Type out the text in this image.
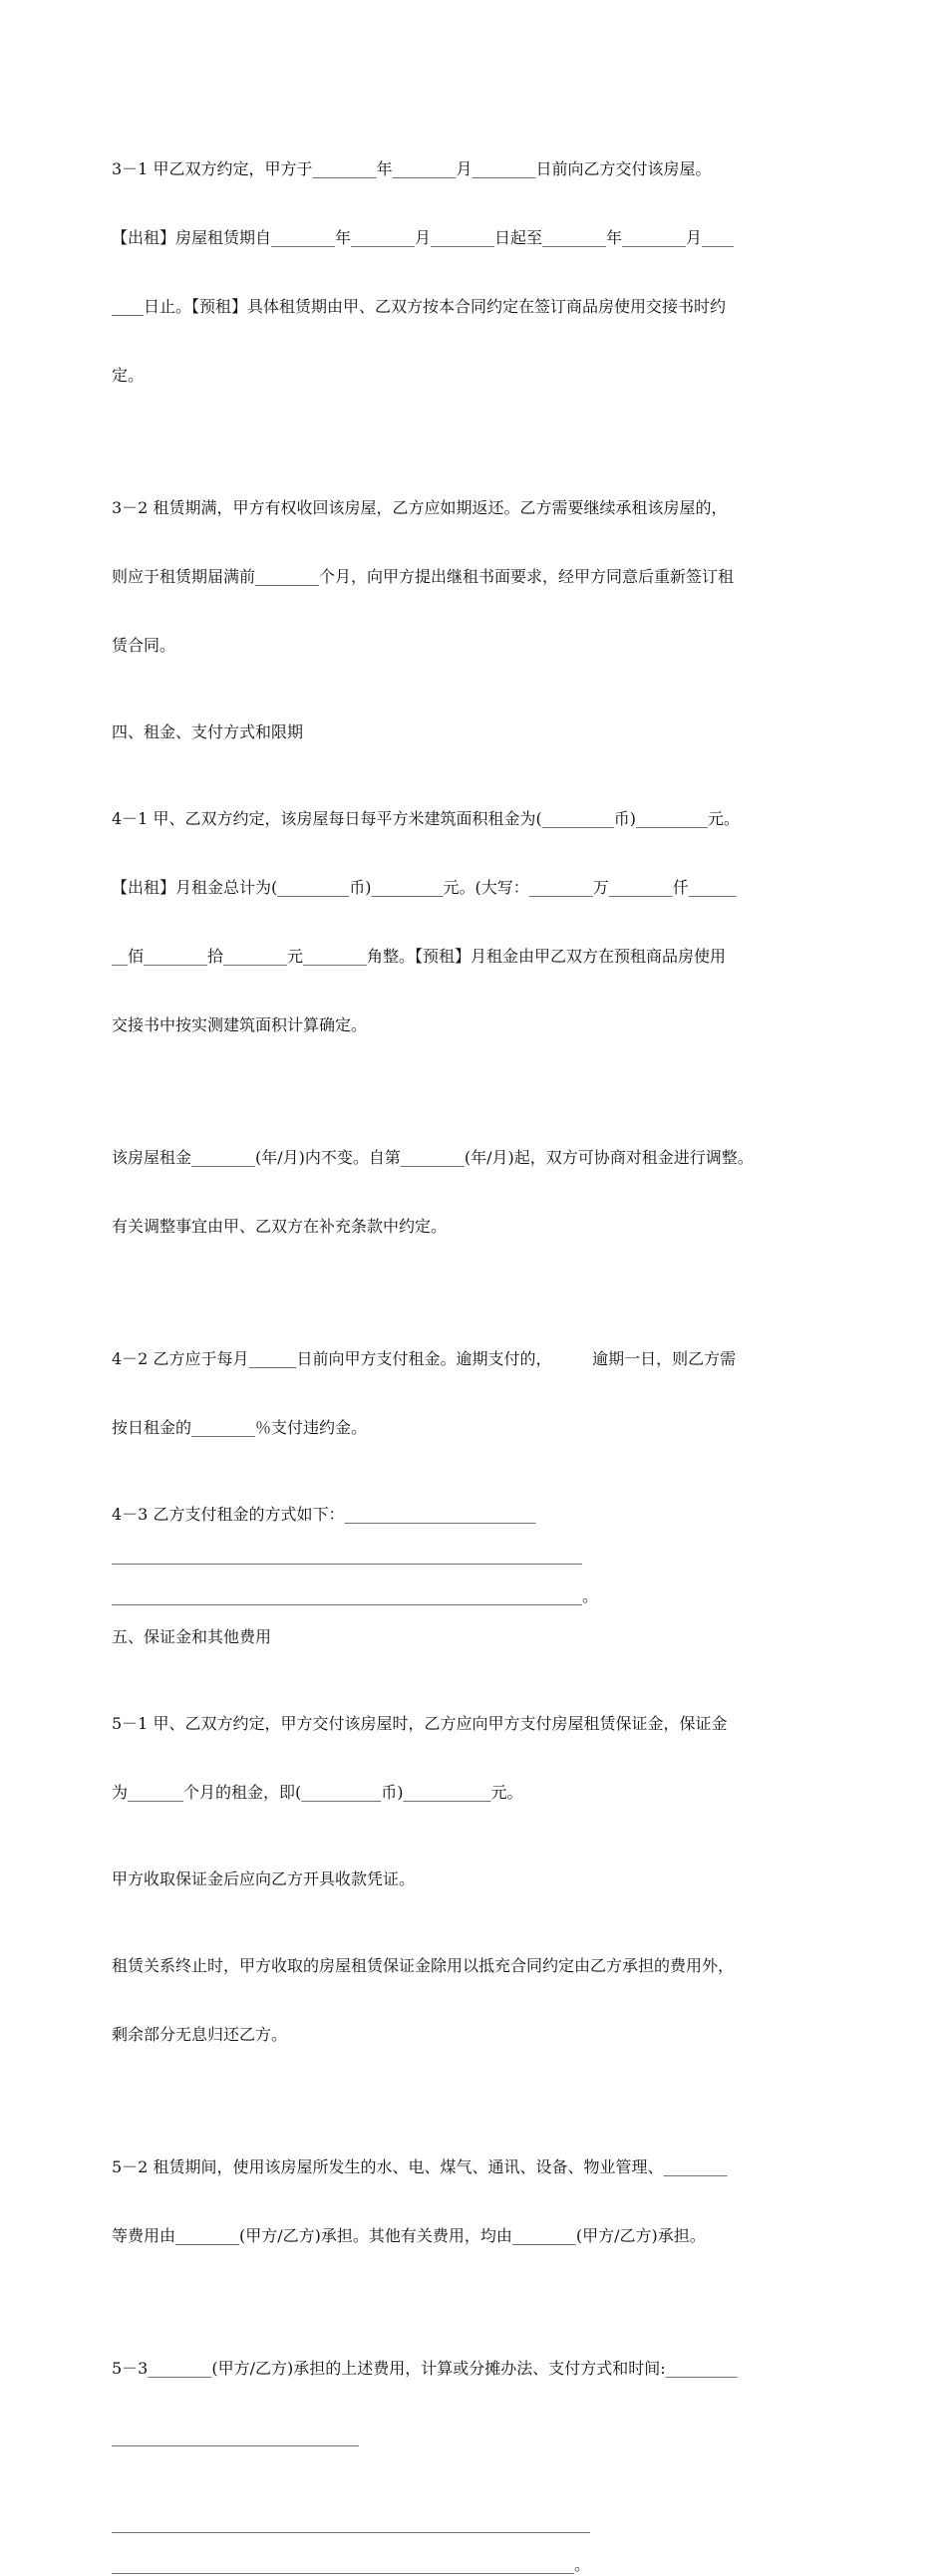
3－1 甲乙双方约定，甲方于________年________月________日前向乙方交付该房屋。

【出租】房屋租赁期自________年________月________日起至________年________月____

____日止。【预租】具体租赁期由甲、乙双方按本合同约定在签订商品房使用交接书时约

定。

3－2 租赁期满，甲方有权收回该房屋，乙方应如期返还。乙方需要继续承租该房屋的，

则应于租赁期届满前________个月，向甲方提出继租书面要求，经甲方同意后重新签订租

赁合同。

四、租金、支付方式和限期

4－1 甲、乙双方约定，该房屋每日每平方米建筑面积租金为(_________币)_________元。

【出租】月租金总计为(_________币)_________元。(大写：________万________仟______

__佰________拾________元________角整。【预租】月租金由甲乙双方在预租商品房使用

交接书中按实测建筑面积计算确定。

该房屋租金________(年/月)内不变。自第________(年/月)起，双方可协商对租金进行调整。

有关调整事宜由甲、乙双方在补充条款中约定。

4－2 乙方应于每月______日前向甲方支付租金。逾期支付的，        逾期一日，则乙方需

按日租金的________％支付违约金。

4－3 乙方支付租金的方式如下：________________________

___________________________________________________________

___________________________________________________________。

五、保证金和其他费用

5－1 甲、乙双方约定，甲方交付该房屋时，乙方应向甲方支付房屋租赁保证金，保证金

为_______个月的租金，即(__________币)___________元。

甲方收取保证金后应向乙方开具收款凭证。

租赁关系终止时，甲方收取的房屋租赁保证金除用以抵充合同约定由乙方承担的费用外，

剩余部分无息归还乙方。

5－2 租赁期间，使用该房屋所发生的水、电、煤气、通讯、设备、物业管理、________

等费用由________(甲方/乙方)承担。其他有关费用，均由________(甲方/乙方)承担。

5－3________(甲方/乙方)承担的上述费用，计算或分摊办法、支付方式和时间:_________

_______________________________

____________________________________________________________

__________________________________________________________。
